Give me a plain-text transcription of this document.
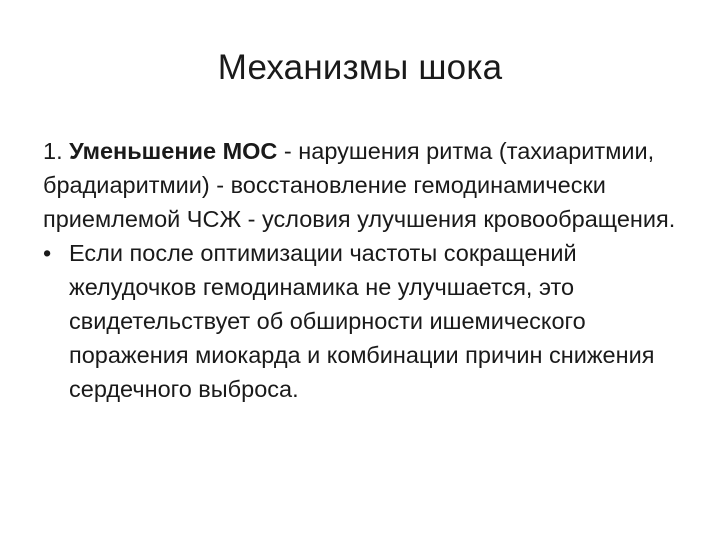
Механизмы шока

1. Уменьшение МОС - нарушения ритма (тахиаритмии, брадиаритмии) - восстановление гемодинамически приемлемой ЧСЖ - условия улучшения кровообращения.

• Если после оптимизации частоты сокращений желудочков гемодинамика не улучшается, это свидетельствует об обширности ишемического поражения миокарда и комбинации причин снижения сердечного выброса.
